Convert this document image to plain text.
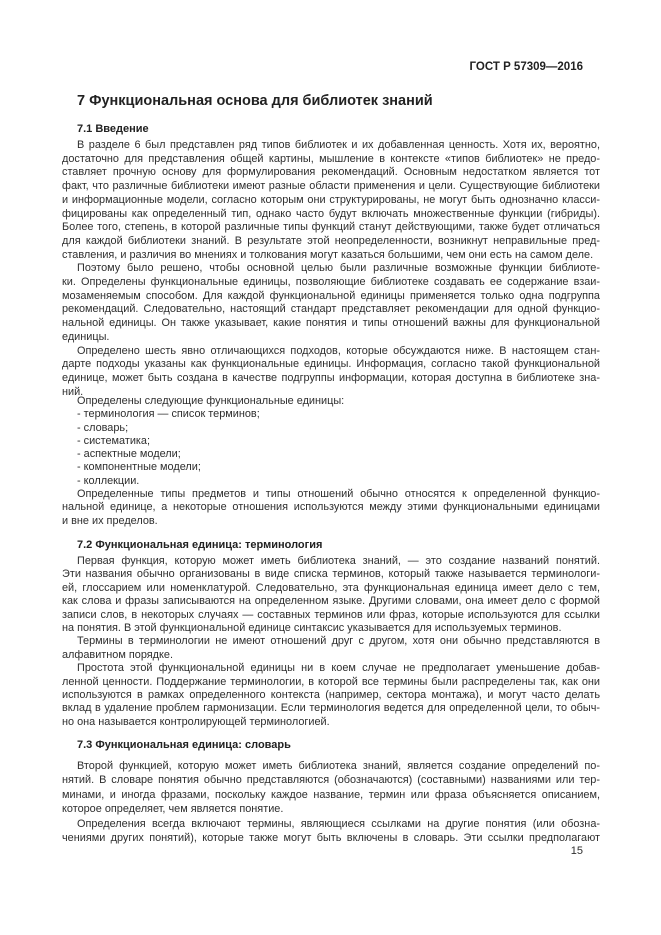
ГОСТ Р 57309—2016
7 Функциональная основа для библиотек знаний
7.1 Введение
В разделе 6 был представлен ряд типов библиотек и их добавленная ценность. Хотя их, вероятно,
достаточно для представления общей картины, мышление в контексте «типов библиотек» не предо-
ставляет прочную основу для формулирования рекомендаций. Основным недостатком является тот
факт, что различные библиотеки имеют разные области применения и цели. Существующие библиотеки
и информационные модели, согласно которым они структурированы, не могут быть однозначно класси-
фицированы как определенный тип, однако часто будут включать множественные функции (гибриды).
Более того, степень, в которой различные типы функций станут действующими, также будет отличаться
для каждой библиотеки знаний. В результате этой неопределенности, возникнут неправильные пред-
ставления, и различия во мнениях и толкования могут казаться большими, чем они есть на самом деле.
Поэтому было решено, чтобы основной целью были различные возможные функции библиоте-
ки. Определены функциональные единицы, позволяющие библиотеке создавать ее содержание взаи-
мозаменяемым способом. Для каждой функциональной единицы применяется только одна подгруппа
рекомендаций. Следовательно, настоящий стандарт представляет рекомендации для одной функцио-
нальной единицы. Он также указывает, какие понятия и типы отношений важны для функциональной
единицы.
Определено шесть явно отличающихся подходов, которые обсуждаются ниже. В настоящем стан-
дарте подходы указаны как функциональные единицы. Информация, согласно такой функциональной
единице, может быть создана в качестве подгруппы информации, которая доступна в библиотеке зна-
ний.
Определены следующие функциональные единицы:
- терминология — список терминов;
- словарь;
- систематика;
- аспектные модели;
- компонентные модели;
- коллекции.
Определенные типы предметов и типы отношений обычно относятся к определенной функцио-
нальной единице, а некоторые отношения используются между этими функциональными единицами
и вне их пределов.
7.2 Функциональная единица: терминология
Первая функция, которую может иметь библиотека знаний, — это создание названий понятий.
Эти названия обычно организованы в виде списка терминов, который также называется терминологи-
ей, глоссарием или номенклатурой. Следовательно, эта функциональная единица имеет дело с тем,
как слова и фразы записываются на определенном языке. Другими словами, она имеет дело с формой
записи слов, в некоторых случаях — составных терминов или фраз, которые используются для ссылки
на понятия. В этой функциональной единице синтаксис указывается для используемых терминов.
Термины в терминологии не имеют отношений друг с другом, хотя они обычно представляются в
алфавитном порядке.
Простота этой функциональной единицы ни в коем случае не предполагает уменьшение добав-
ленной ценности. Поддержание терминологии, в которой все термины были распределены так, как они
используются в рамках определенного контекста (например, сектора монтажа), и могут часто делать
вклад в удаление проблем гармонизации. Если терминология ведется для определенной цели, то обыч-
но она называется контролирующей терминологией.
7.3 Функциональная единица: словарь
Второй функцией, которую может иметь библиотека знаний, является создание определений по-
нятий. В словаре понятия обычно представляются (обозначаются) (составными) названиями или тер-
минами, и иногда фразами, поскольку каждое название, термин или фраза объясняется описанием,
которое определяет, чем является понятие.
Определения всегда включают термины, являющиеся ссылками на другие понятия (или обозна-
чениями других понятий), которые также могут быть включены в словарь. Эти ссылки предполагают
15
